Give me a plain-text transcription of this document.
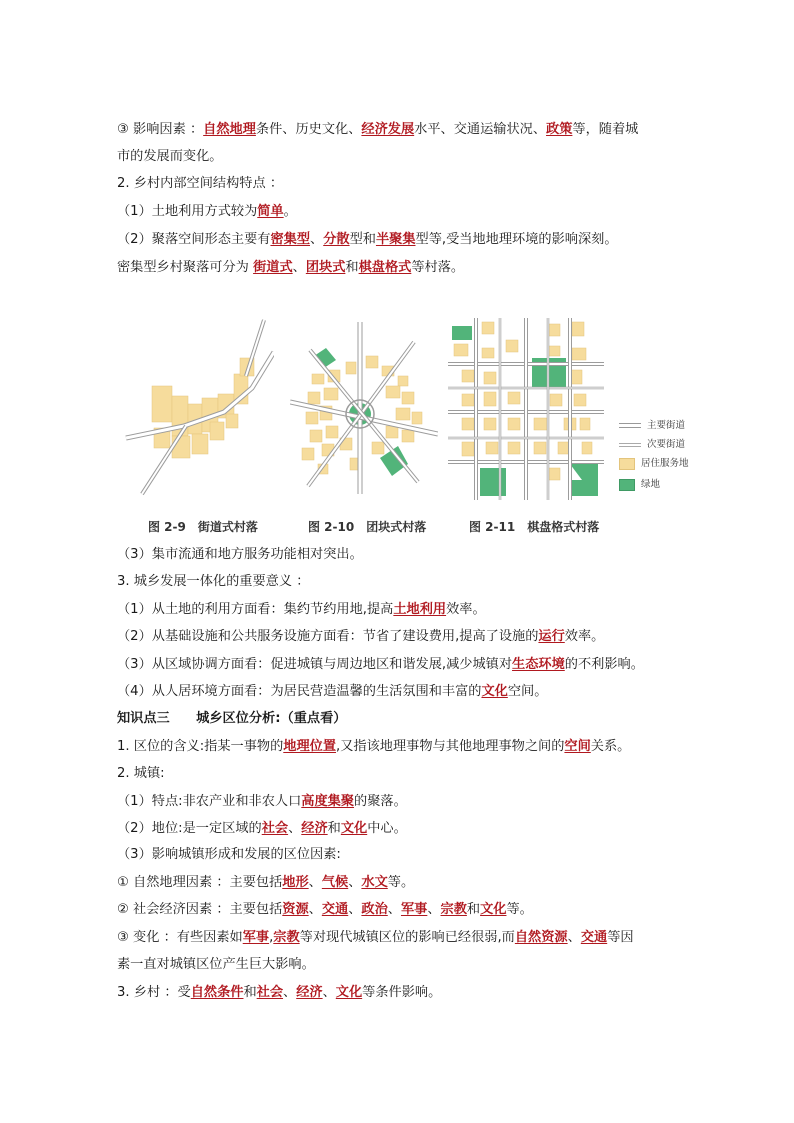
③ 影响因素 ：自然地理条件、历史文化、经济发展水平、交通运输状况、政策等，随着城
市的发展而变化。
2. 乡村内部空间结构特点 ：
（1）土地利用方式较为简单。
（2）聚落空间形态主要有密集型、分散型和半聚集型等,受当地地理环境的影响深刻。
密集型乡村聚落可分为 街道式、团块式和棋盘格式等村落。
主要街道
次要街道
居住服务地
绿地
图 2-9　街道式村落	图 2-10　团块式村落	图 2-11　棋盘格式村落
（3）集市流通和地方服务功能相对突出。
3. 城乡发展一体化的重要意义 ：
（1）从土地的利用方面看：集约节约用地,提高土地利用效率。
（2）从基础设施和公共服务设施方面看：节省了建设费用,提高了设施的运行效率。
（3）从区域协调方面看：促进城镇与周边地区和谐发展,减少城镇对生态环境的不利影响。
（4）从人居环境方面看：为居民营造温馨的生活氛围和丰富的文化空间。
知识点三　　城乡区位分析:（重点看）
1. 区位的含义:指某一事物的地理位置,又指该地理事物与其他地理事物之间的空间关系。
2. 城镇:
（1）特点:非农产业和非农人口高度集聚的聚落。
（2）地位:是一定区域的社会、经济和文化中心。
（3）影响城镇形成和发展的区位因素:
① 自然地理因素 ：主要包括地形、气候、水文等。
② 社会经济因素 ：主要包括资源、交通、政治、军事、宗教和文化等。
③ 变化 ：有些因素如军事,宗教等对现代城镇区位的影响已经很弱,而自然资源、交通等因
素一直对城镇区位产生巨大影响。
3. 乡村 ：受自然条件和社会、经济、文化等条件影响。
